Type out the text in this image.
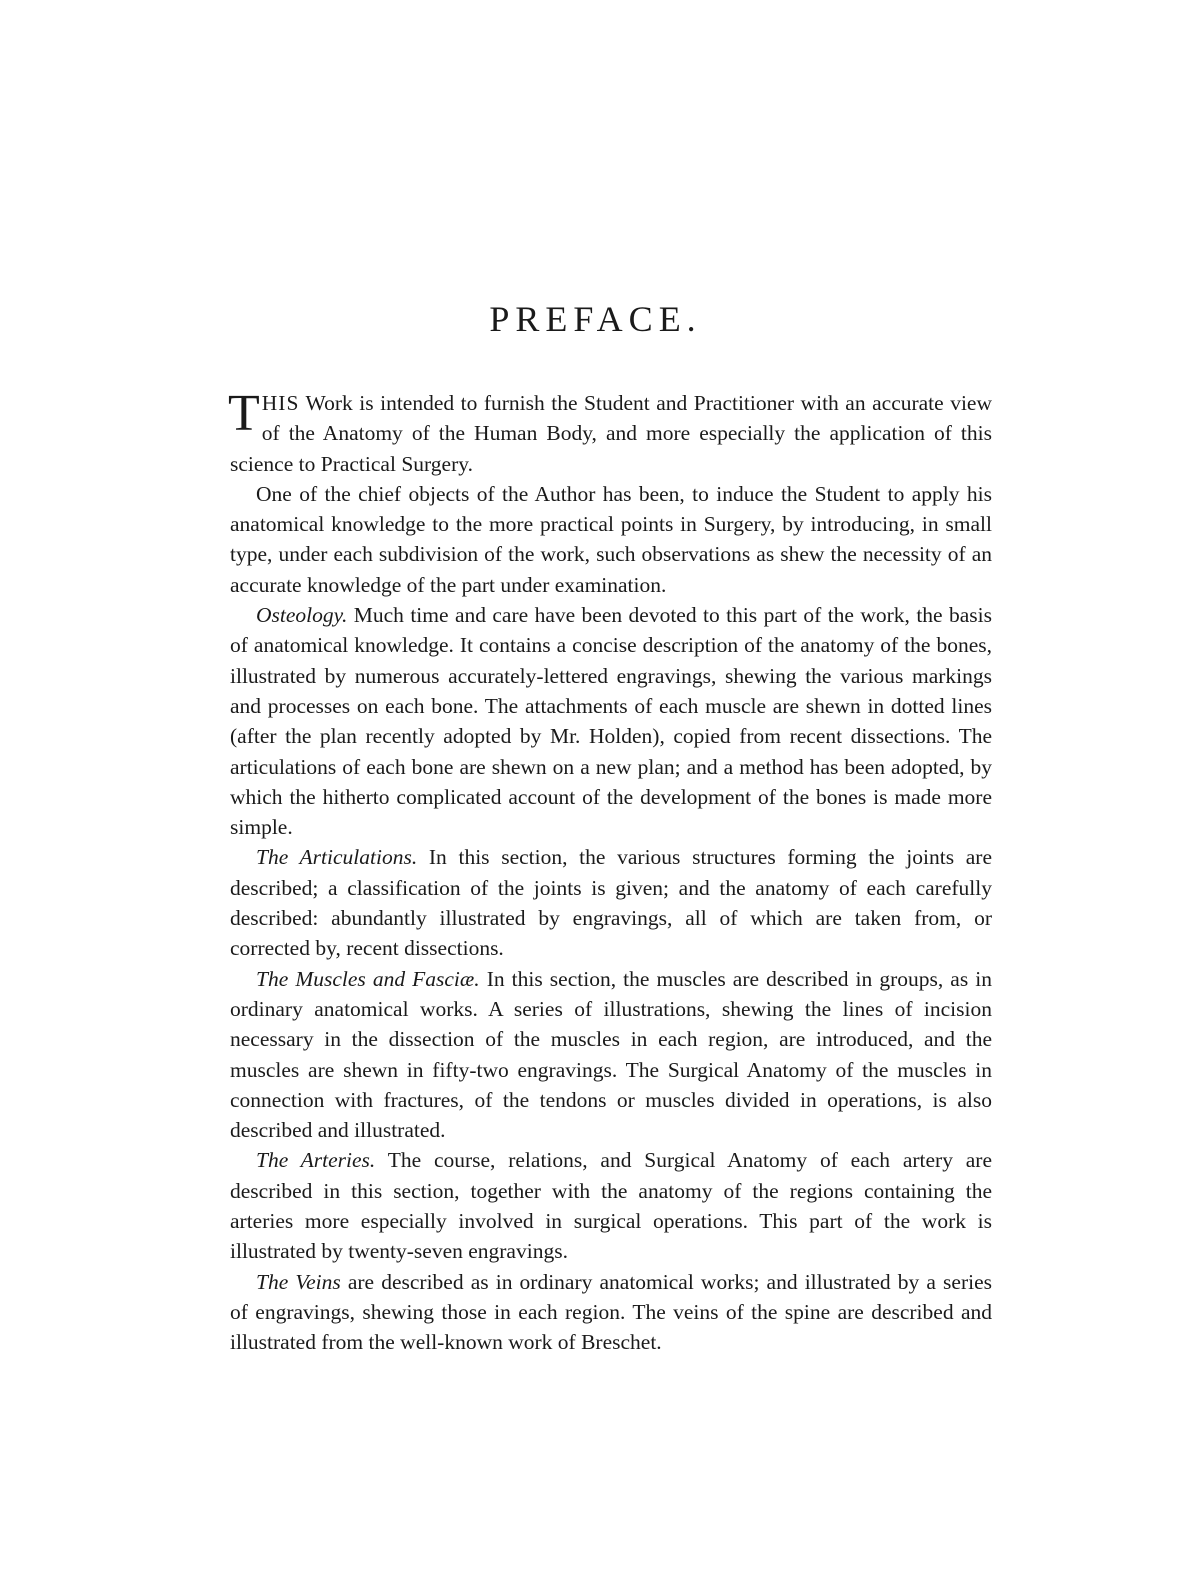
PREFACE.

THIS Work is intended to furnish the Student and Practitioner with an accurate view of the Anatomy of the Human Body, and more especially the application of this science to Practical Surgery.

One of the chief objects of the Author has been, to induce the Student to apply his anatomical knowledge to the more practical points in Surgery, by introducing, in small type, under each subdivision of the work, such observations as shew the necessity of an accurate knowledge of the part under examination.

Osteology. Much time and care have been devoted to this part of the work, the basis of anatomical knowledge. It contains a concise description of the anatomy of the bones, illustrated by numerous accurately-lettered engravings, shewing the various markings and processes on each bone. The attachments of each muscle are shewn in dotted lines (after the plan recently adopted by Mr. Holden), copied from recent dissections. The articulations of each bone are shewn on a new plan; and a method has been adopted, by which the hitherto complicated account of the development of the bones is made more simple.

The Articulations. In this section, the various structures forming the joints are described; a classification of the joints is given; and the anatomy of each carefully described: abundantly illustrated by engravings, all of which are taken from, or corrected by, recent dissections.

The Muscles and Fasciæ. In this section, the muscles are described in groups, as in ordinary anatomical works. A series of illustrations, shewing the lines of incision necessary in the dissection of the muscles in each region, are introduced, and the muscles are shewn in fifty-two engravings. The Surgical Anatomy of the muscles in connection with fractures, of the tendons or muscles divided in operations, is also described and illustrated.

The Arteries. The course, relations, and Surgical Anatomy of each artery are described in this section, together with the anatomy of the regions containing the arteries more especially involved in surgical operations. This part of the work is illustrated by twenty-seven engravings.

The Veins are described as in ordinary anatomical works; and illustrated by a series of engravings, shewing those in each region. The veins of the spine are described and illustrated from the well-known work of Breschet.
